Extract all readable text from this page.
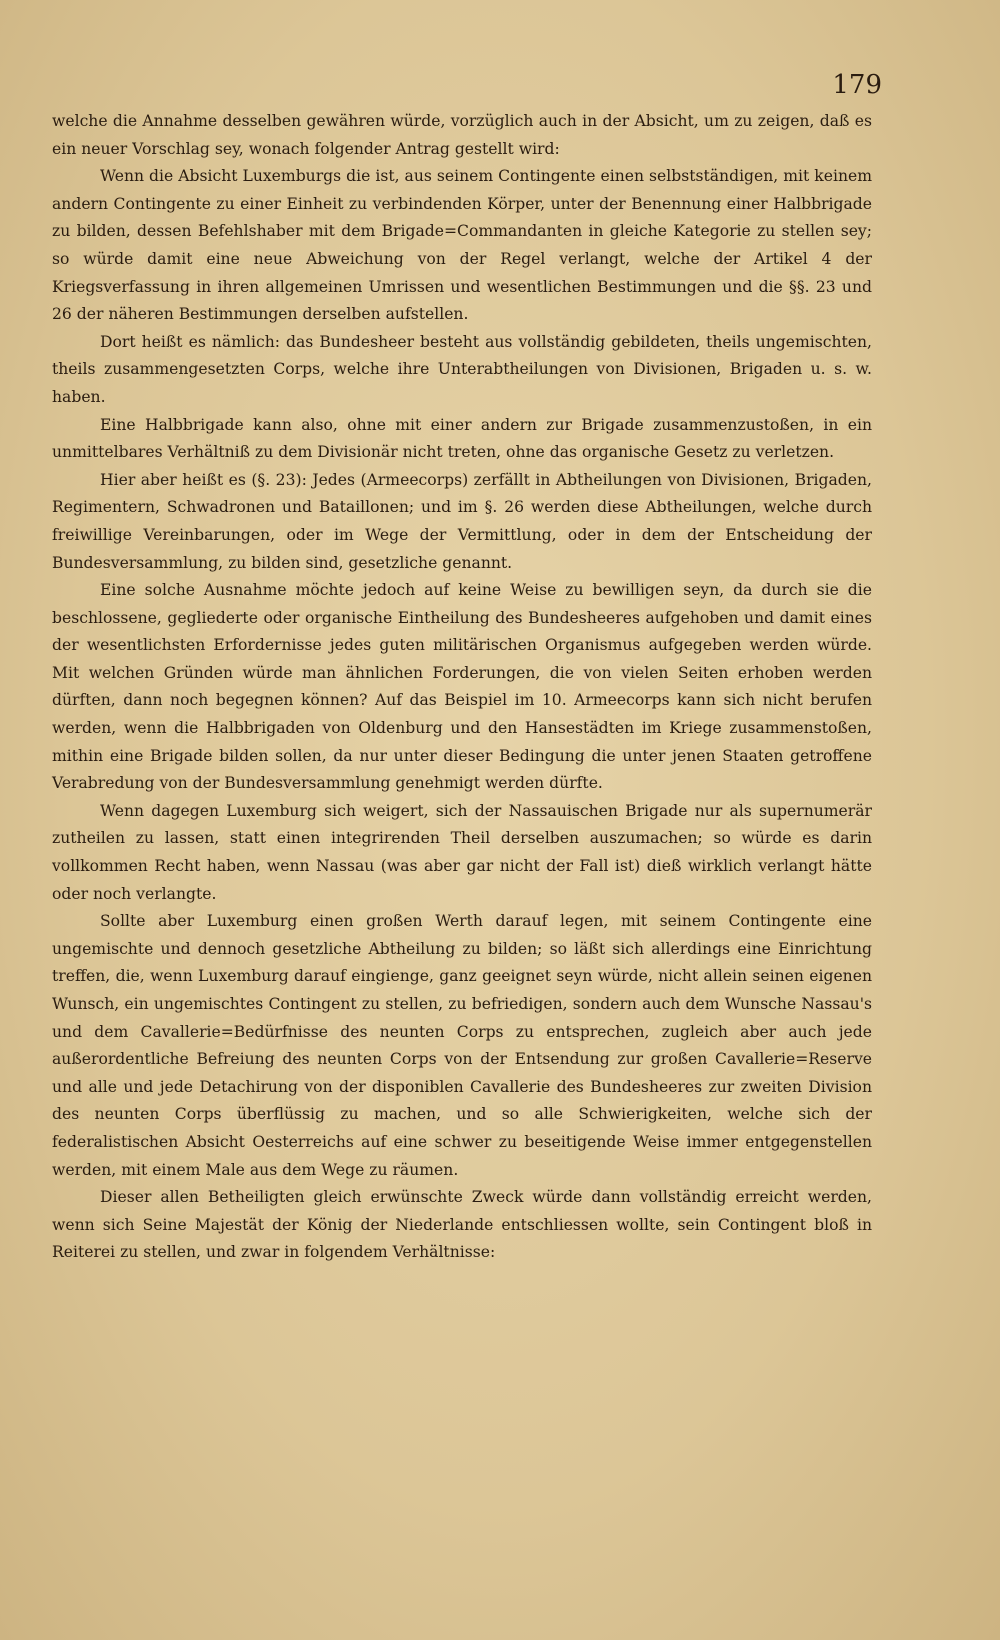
179

welche die Annahme desselben gewähren würde, vorzüglich auch in der Absicht, um zu zeigen, daß es ein neuer Vorschlag sey, wonach folgender Antrag gestellt wird:

Wenn die Absicht Luxemburgs die ist, aus seinem Contingente einen selbstständigen, mit keinem andern Contingente zu einer Einheit zu verbindenden Körper, unter der Benennung einer Halbbrigade zu bilden, dessen Befehlshaber mit dem Brigade=Commandanten in gleiche Kategorie zu stellen sey; so würde damit eine neue Abweichung von der Regel verlangt, welche der Artikel 4 der Kriegsverfassung in ihren allgemeinen Umrissen und wesentlichen Bestimmungen und die §§. 23 und 26 der näheren Bestimmungen derselben aufstellen.

Dort heißt es nämlich: das Bundesheer besteht aus vollständig gebildeten, theils ungemischten, theils zusammengesetzten Corps, welche ihre Unterabtheilungen von Divisionen, Brigaden u. s. w. haben.

Eine Halbbrigade kann also, ohne mit einer andern zur Brigade zusammenzustoßen, in ein unmittelbares Verhältniß zu dem Divisionär nicht treten, ohne das organische Gesetz zu verletzen.

Hier aber heißt es (§. 23): Jedes (Armeecorps) zerfällt in Abtheilungen von Divisionen, Brigaden, Regimentern, Schwadronen und Bataillonen; und im §. 26 werden diese Abtheilungen, welche durch freiwillige Vereinbarungen, oder im Wege der Vermittlung, oder in dem der Entscheidung der Bundesversammlung, zu bilden sind, gesetzliche genannt.

Eine solche Ausnahme möchte jedoch auf keine Weise zu bewilligen seyn, da durch sie die beschlossene, gegliederte oder organische Eintheilung des Bundesheeres aufgehoben und damit eines der wesentlichsten Erfordernisse jedes guten militärischen Organismus aufgegeben werden würde. Mit welchen Gründen würde man ähnlichen Forderungen, die von vielen Seiten erhoben werden dürften, dann noch begegnen können? Auf das Beispiel im 10. Armeecorps kann sich nicht berufen werden, wenn die Halbbrigaden von Oldenburg und den Hansestädten im Kriege zusammenstoßen, mithin eine Brigade bilden sollen, da nur unter dieser Bedingung die unter jenen Staaten getroffene Verabredung von der Bundesversammlung genehmigt werden dürfte.

Wenn dagegen Luxemburg sich weigert, sich der Nassauischen Brigade nur als supernumerär zutheilen zu lassen, statt einen integrirenden Theil derselben auszumachen; so würde es darin vollkommen Recht haben, wenn Nassau (was aber gar nicht der Fall ist) dieß wirklich verlangt hätte oder noch verlangte.

Sollte aber Luxemburg einen großen Werth darauf legen, mit seinem Contingente eine ungemischte und dennoch gesetzliche Abtheilung zu bilden; so läßt sich allerdings eine Einrichtung treffen, die, wenn Luxemburg darauf eingienge, ganz geeignet seyn würde, nicht allein seinen eigenen Wunsch, ein ungemischtes Contingent zu stellen, zu befriedigen, sondern auch dem Wunsche Nassau's und dem Cavallerie=Bedürfnisse des neunten Corps zu entsprechen, zugleich aber auch jede außerordentliche Befreiung des neunten Corps von der Entsendung zur großen Cavallerie=Reserve und alle und jede Detachirung von der disponiblen Cavallerie des Bundesheeres zur zweiten Division des neunten Corps überflüssig zu machen, und so alle Schwierigkeiten, welche sich der federalistischen Absicht Oesterreichs auf eine schwer zu beseitigende Weise immer entgegenstellen werden, mit einem Male aus dem Wege zu räumen.

Dieser allen Betheiligten gleich erwünschte Zweck würde dann vollständig erreicht werden, wenn sich Seine Majestät der König der Niederlande entschliessen wollte, sein Contingent bloß in Reiterei zu stellen, und zwar in folgendem Verhältnisse:
